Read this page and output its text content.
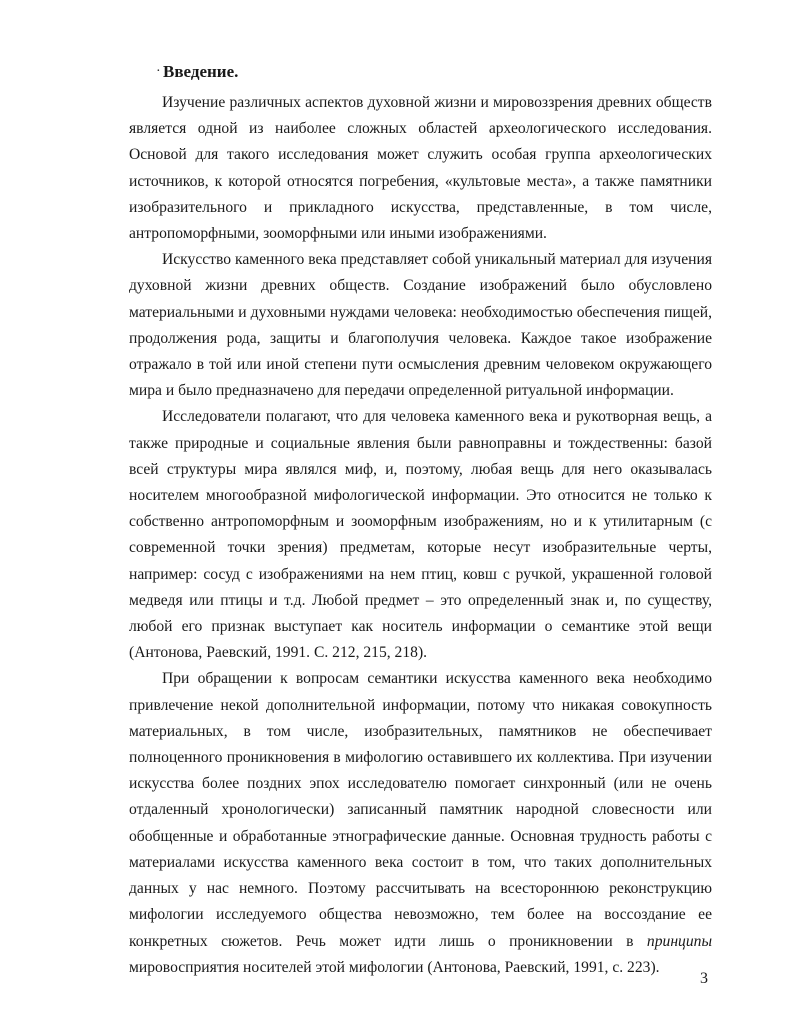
· Введение.

Изучение различных аспектов духовной жизни и мировоззрения древних обществ является одной из наиболее сложных областей археологического исследования. Основой для такого исследования может служить особая группа археологических источников, к которой относятся погребения, «культовые места», а также памятники изобразительного и прикладного искусства, представленные, в том числе, антропоморфными, зооморфными или иными изображениями.

Искусство каменного века представляет собой уникальный материал для изучения духовной жизни древних обществ. Создание изображений было обусловлено материальными и духовными нуждами человека: необходимостью обеспечения пищей, продолжения рода, защиты и благополучия человека. Каждое такое изображение отражало в той или иной степени пути осмысления древним человеком окружающего мира и было предназначено для передачи определенной ритуальной информации.

Исследователи полагают, что для человека каменного века и рукотворная вещь, а также природные и социальные явления были равноправны и тождественны: базой всей структуры мира являлся миф, и, поэтому, любая вещь для него оказывалась носителем многообразной мифологической информации. Это относится не только к собственно антропоморфным и зооморфным изображениям, но и к утилитарным (с современной точки зрения) предметам, которые несут изобразительные черты, например: сосуд с изображениями на нем птиц, ковш с ручкой, украшенной головой медведя или птицы и т.д. Любой предмет – это определенный знак и, по существу, любой его признак выступает как носитель информации о семантике этой вещи (Антонова, Раевский, 1991. С. 212, 215, 218).

При обращении к вопросам семантики искусства каменного века необходимо привлечение некой дополнительной информации, потому что никакая совокупность материальных, в том числе, изобразительных, памятников не обеспечивает полноценного проникновения в мифологию оставившего их коллектива. При изучении искусства более поздних эпох исследователю помогает синхронный (или не очень отдаленный хронологически) записанный памятник народной словесности или обобщенные и обработанные этнографические данные. Основная трудность работы с материалами искусства каменного века состоит в том, что таких дополнительных данных у нас немного. Поэтому рассчитывать на всестороннюю реконструкцию мифологии исследуемого общества невозможно, тем более на воссоздание ее конкретных сюжетов. Речь может идти лишь о проникновении в принципы мировосприятия носителей этой мифологии (Антонова, Раевский, 1991, с. 223).

3
